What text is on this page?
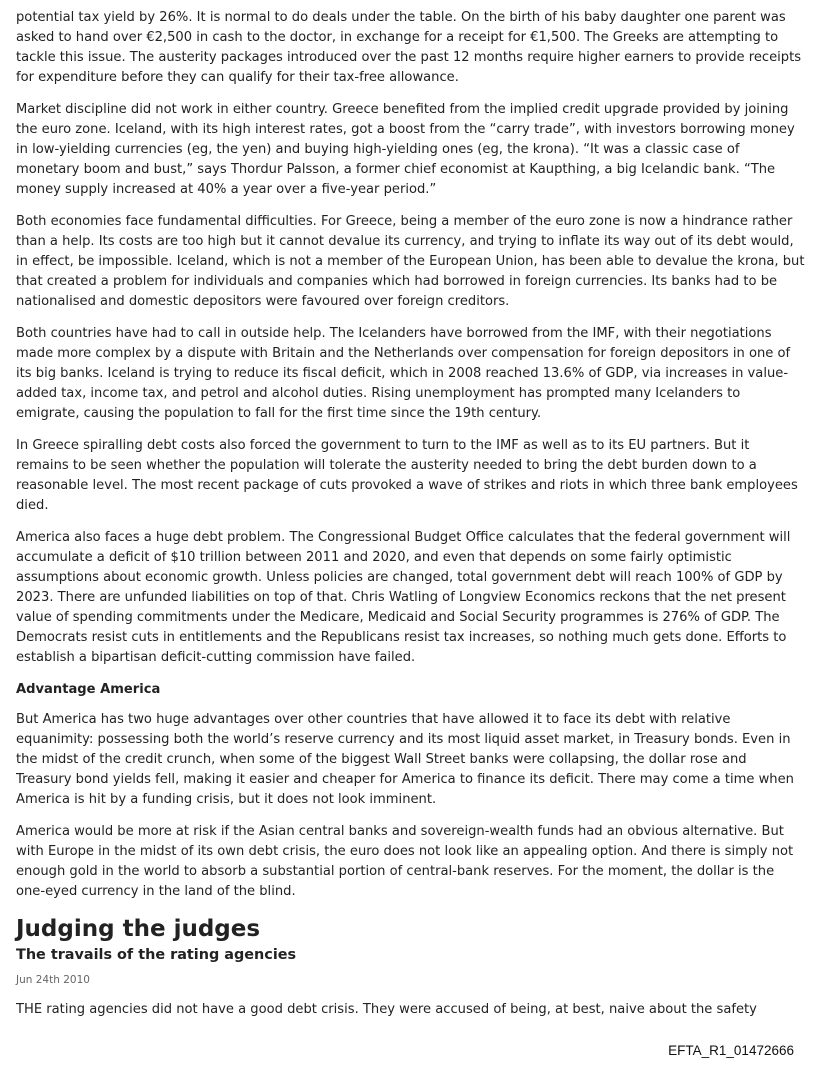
potential tax yield by 26%. It is normal to do deals under the table. On the birth of his baby daughter one parent was asked to hand over €2,500 in cash to the doctor, in exchange for a receipt for €1,500. The Greeks are attempting to tackle this issue. The austerity packages introduced over the past 12 months require higher earners to provide receipts for expenditure before they can qualify for their tax-free allowance.

Market discipline did not work in either country. Greece benefited from the implied credit upgrade provided by joining the euro zone. Iceland, with its high interest rates, got a boost from the “carry trade”, with investors borrowing money in low-yielding currencies (eg, the yen) and buying high-yielding ones (eg, the krona). “It was a classic case of monetary boom and bust,” says Thordur Palsson, a former chief economist at Kaupthing, a big Icelandic bank. “The money supply increased at 40% a year over a five-year period.”

Both economies face fundamental difficulties. For Greece, being a member of the euro zone is now a hindrance rather than a help. Its costs are too high but it cannot devalue its currency, and trying to inflate its way out of its debt would, in effect, be impossible. Iceland, which is not a member of the European Union, has been able to devalue the krona, but that created a problem for individuals and companies which had borrowed in foreign currencies. Its banks had to be nationalised and domestic depositors were favoured over foreign creditors.

Both countries have had to call in outside help. The Icelanders have borrowed from the IMF, with their negotiations made more complex by a dispute with Britain and the Netherlands over compensation for foreign depositors in one of its big banks. Iceland is trying to reduce its fiscal deficit, which in 2008 reached 13.6% of GDP, via increases in value-added tax, income tax, and petrol and alcohol duties. Rising unemployment has prompted many Icelanders to emigrate, causing the population to fall for the first time since the 19th century.

In Greece spiralling debt costs also forced the government to turn to the IMF as well as to its EU partners. But it remains to be seen whether the population will tolerate the austerity needed to bring the debt burden down to a reasonable level. The most recent package of cuts provoked a wave of strikes and riots in which three bank employees died.

America also faces a huge debt problem. The Congressional Budget Office calculates that the federal government will accumulate a deficit of $10 trillion between 2011 and 2020, and even that depends on some fairly optimistic assumptions about economic growth. Unless policies are changed, total government debt will reach 100% of GDP by 2023. There are unfunded liabilities on top of that. Chris Watling of Longview Economics reckons that the net present value of spending commitments under the Medicare, Medicaid and Social Security programmes is 276% of GDP. The Democrats resist cuts in entitlements and the Republicans resist tax increases, so nothing much gets done. Efforts to establish a bipartisan deficit-cutting commission have failed.

Advantage America

But America has two huge advantages over other countries that have allowed it to face its debt with relative equanimity: possessing both the world’s reserve currency and its most liquid asset market, in Treasury bonds. Even in the midst of the credit crunch, when some of the biggest Wall Street banks were collapsing, the dollar rose and Treasury bond yields fell, making it easier and cheaper for America to finance its deficit. There may come a time when America is hit by a funding crisis, but it does not look imminent.

America would be more at risk if the Asian central banks and sovereign-wealth funds had an obvious alternative. But with Europe in the midst of its own debt crisis, the euro does not look like an appealing option. And there is simply not enough gold in the world to absorb a substantial portion of central-bank reserves. For the moment, the dollar is the one-eyed currency in the land of the blind.

Judging the judges
The travails of the rating agencies
Jun 24th 2010

THE rating agencies did not have a good debt crisis. They were accused of being, at best, naive about the safety

EFTA_R1_01472666
